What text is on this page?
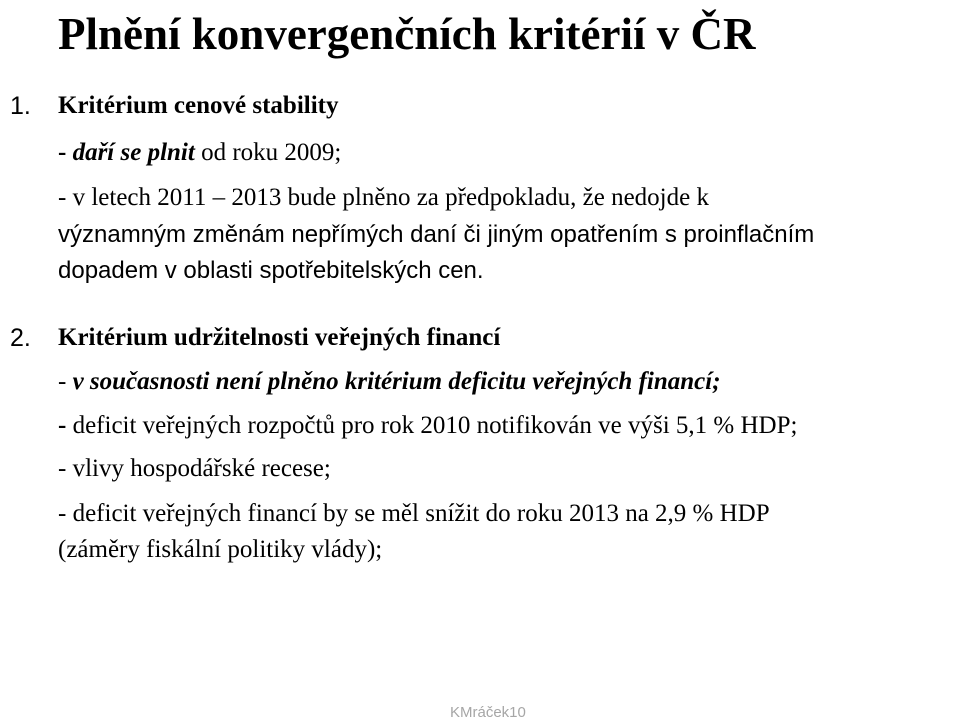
Plnění konvergenčních kritérií v ČR
1. Kritérium cenové stability

- daří se plnit od roku 2009;

- v letech 2011 – 2013 bude plněno za předpokladu, že nedojde k

významným změnám nepřímých daní či jiným opatřením s proinflačním

dopadem v oblasti spotřebitelských cen.

2. Kritérium udržitelnosti veřejných financí

- v současnosti není plněno kritérium deficitu veřejných financí;

- deficit veřejných rozpočtů pro rok 2010 notifikován ve výši 5,1 % HDP;

- vlivy hospodářské recese;

- deficit veřejných financí by se měl snížit do roku 2013 na 2,9 % HDP

(záměry fiskální politiky vlády);

KMráček10
